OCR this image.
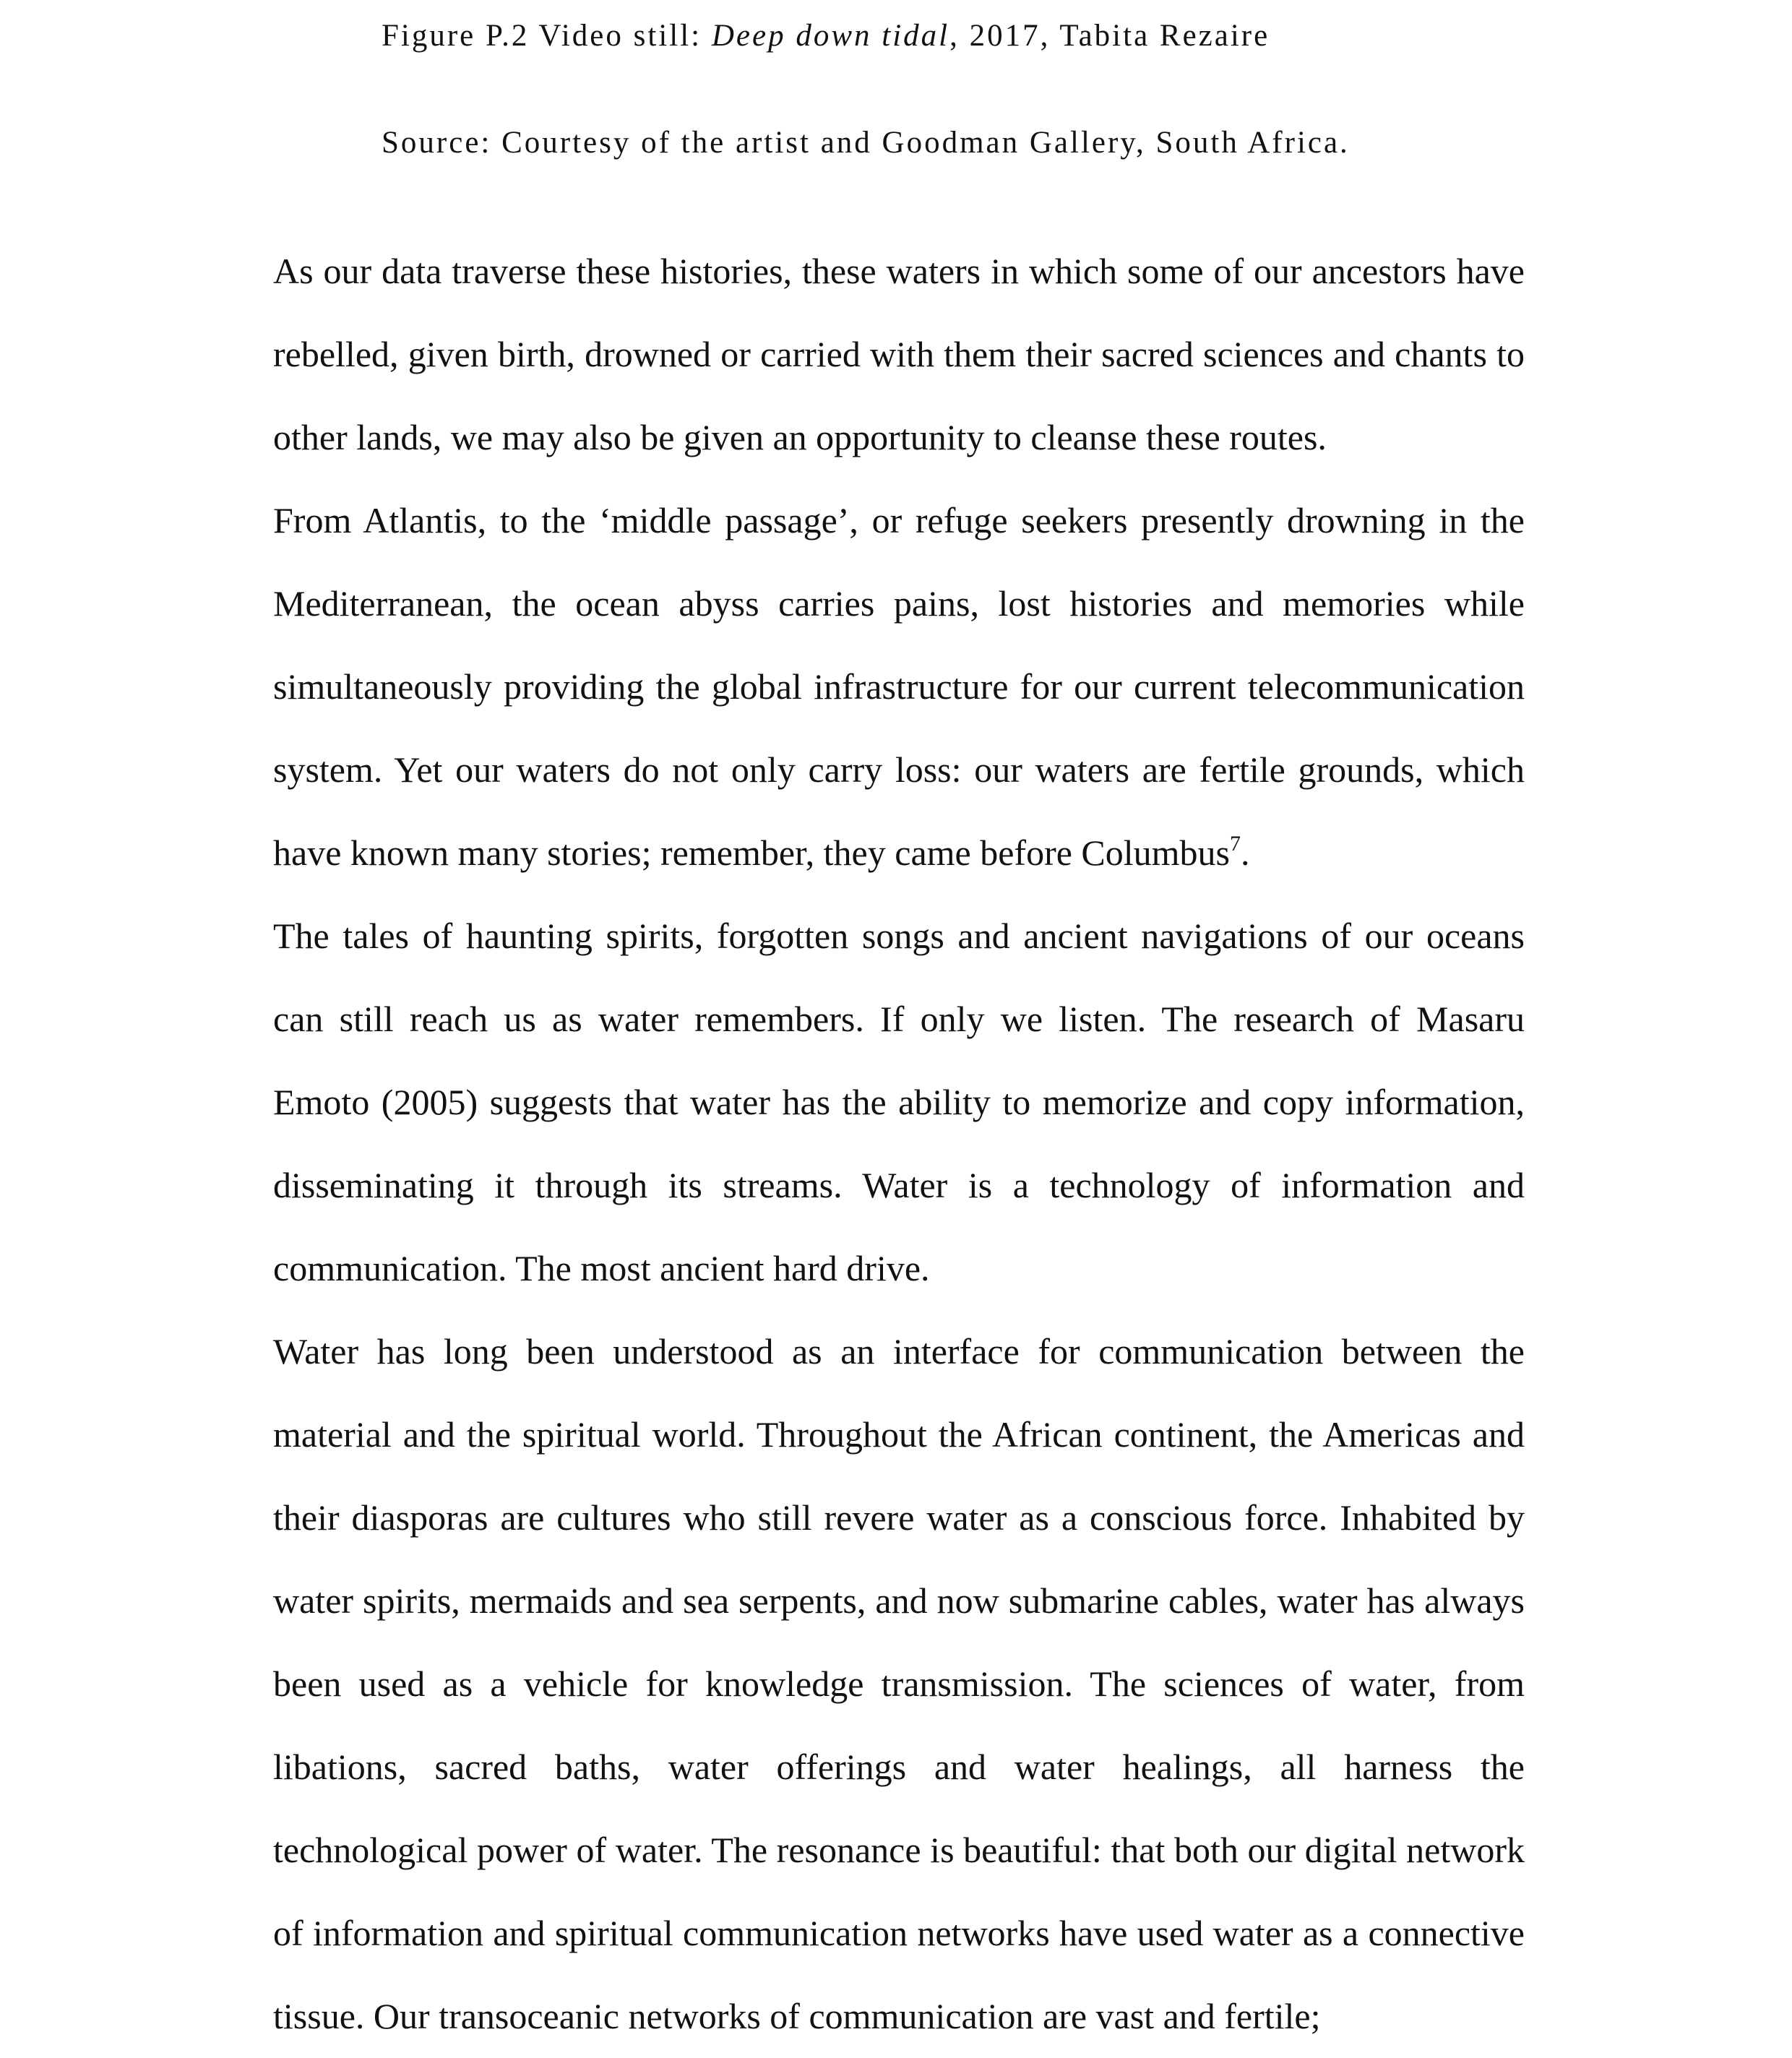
Figure P.2 Video still: Deep down tidal, 2017, Tabita Rezaire
Source: Courtesy of the artist and Goodman Gallery, South Africa.

As our data traverse these histories, these waters in which some of our ancestors have rebelled, given birth, drowned or carried with them their sacred sciences and chants to other lands, we may also be given an opportunity to cleanse these routes.

From Atlantis, to the ‘middle passage’, or refuge seekers presently drowning in the Mediterranean, the ocean abyss carries pains, lost histories and memories while simultaneously providing the global infrastructure for our current telecommunication system. Yet our waters do not only carry loss: our waters are fertile grounds, which have known many stories; remember, they came before Columbus$^7$.

The tales of haunting spirits, forgotten songs and ancient navigations of our oceans can still reach us as water remembers. If only we listen. The research of Masaru Emoto (2005) suggests that water has the ability to memorize and copy information, disseminating it through its streams. Water is a technology of information and communication. The most ancient hard drive.

Water has long been understood as an interface for communication between the material and the spiritual world. Throughout the African continent, the Americas and their diasporas are cultures who still revere water as a conscious force. Inhabited by water spirits, mermaids and sea serpents, and now submarine cables, water has always been used as a vehicle for knowledge transmission. The sciences of water, from libations, sacred baths, water offerings and water healings, all harness the technological power of water. The resonance is beautiful: that both our digital network of information and spiritual communication networks have used water as a connective tissue. Our transoceanic networks of communication are vast and fertile;
